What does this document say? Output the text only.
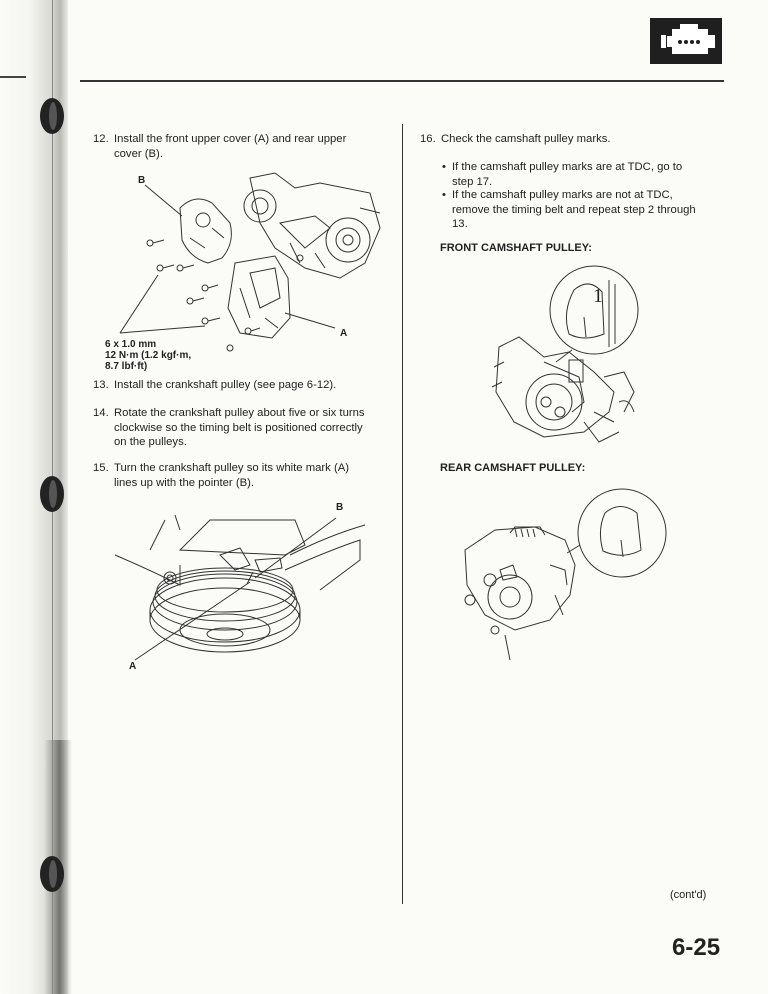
12. Install the front upper cover (A) and rear upper
cover (B).
B
A
6 x 1.0 mm
12 N·m (1.2 kgf·m,
8.7 lbf·ft)
13. Install the crankshaft pulley (see page 6-12).
14. Rotate the crankshaft pulley about five or six turns
clockwise so the timing belt is positioned correctly
on the pulleys.
15. Turn the crankshaft pulley so its white mark (A)
lines up with the pointer (B).
B
A
16. Check the camshaft pulley marks.
• If the camshaft pulley marks are at TDC, go to
step 17.
• If the camshaft pulley marks are not at TDC,
remove the timing belt and repeat step 2 through
13.
FRONT CAMSHAFT PULLEY:
1
REAR CAMSHAFT PULLEY:
(cont'd)
6-25
